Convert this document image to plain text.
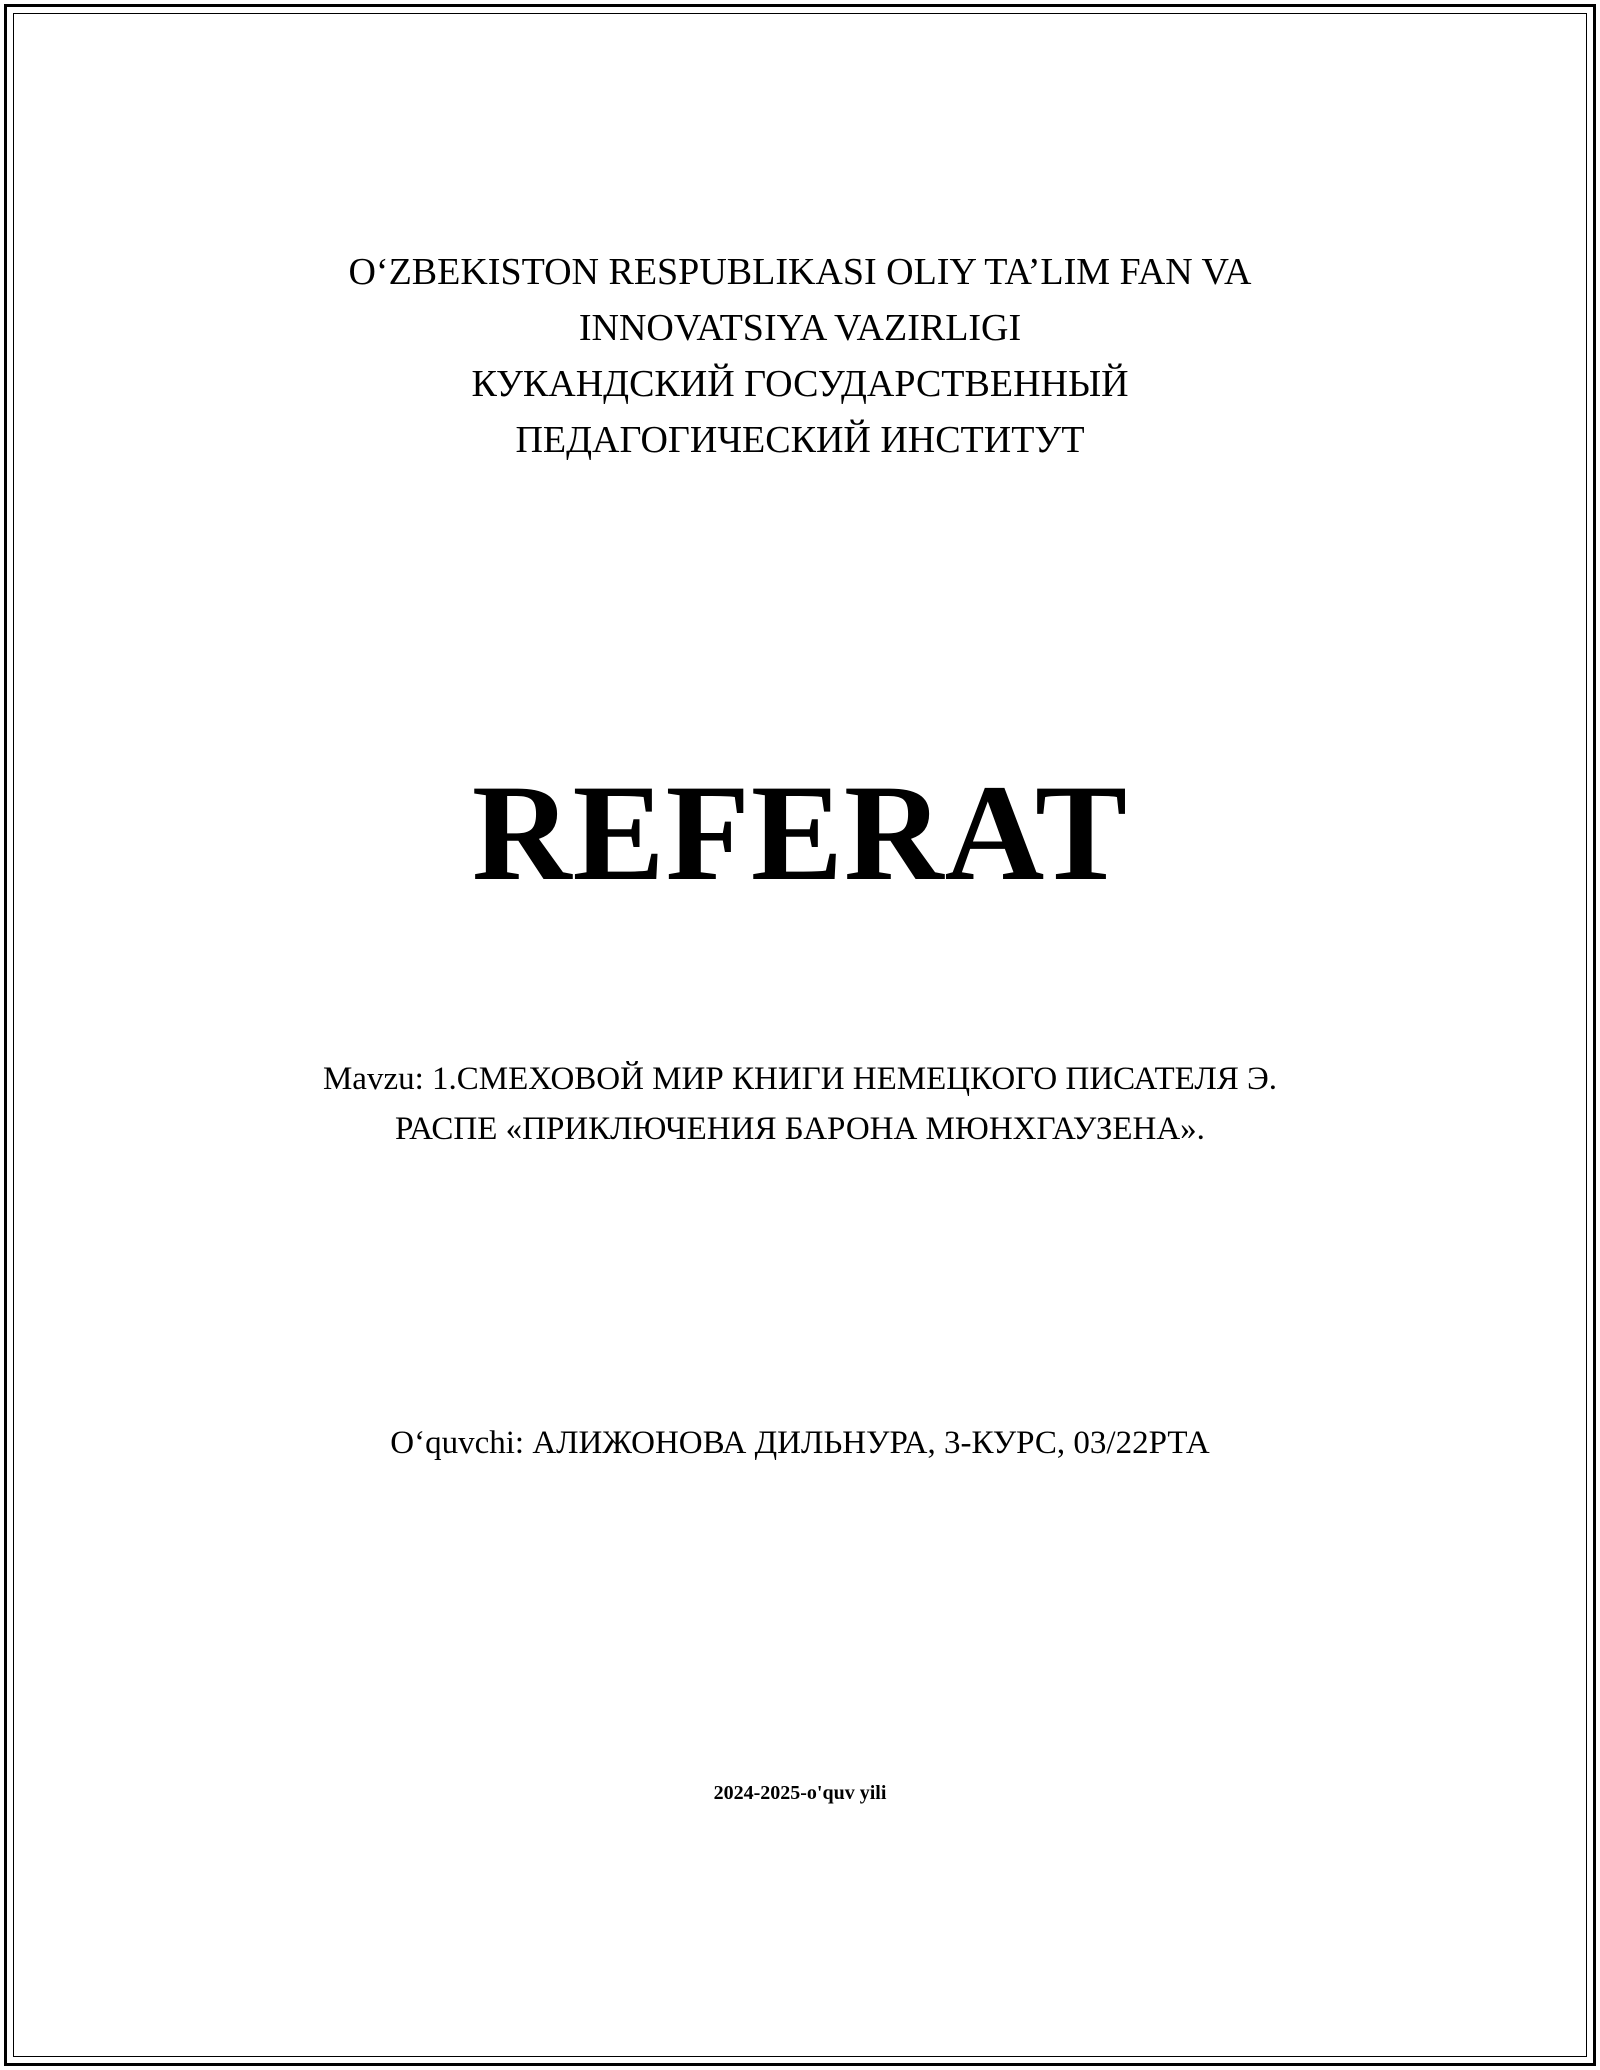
O‘ZBEKISTON RESPUBLIKASI OLIY TA’LIM FAN VA
INNOVATSIYA VAZIRLIGI
КУКАНДСКИЙ ГОСУДАРСТВЕННЫЙ
ПЕДАГОГИЧЕСКИЙ ИНСТИТУТ
REFERAT
Mavzu: 1.СМЕХОВОЙ МИР КНИГИ НЕМЕЦКОГО ПИСАТЕЛЯ Э.
РАСПЕ «ПРИКЛЮЧЕНИЯ БАРОНА МЮНХГАУЗЕНА».
O‘quvchi: АЛИЖОНОВА ДИЛЬНУРА, 3-КУРС, 03/22РТА
2024-2025-o'quv yili
